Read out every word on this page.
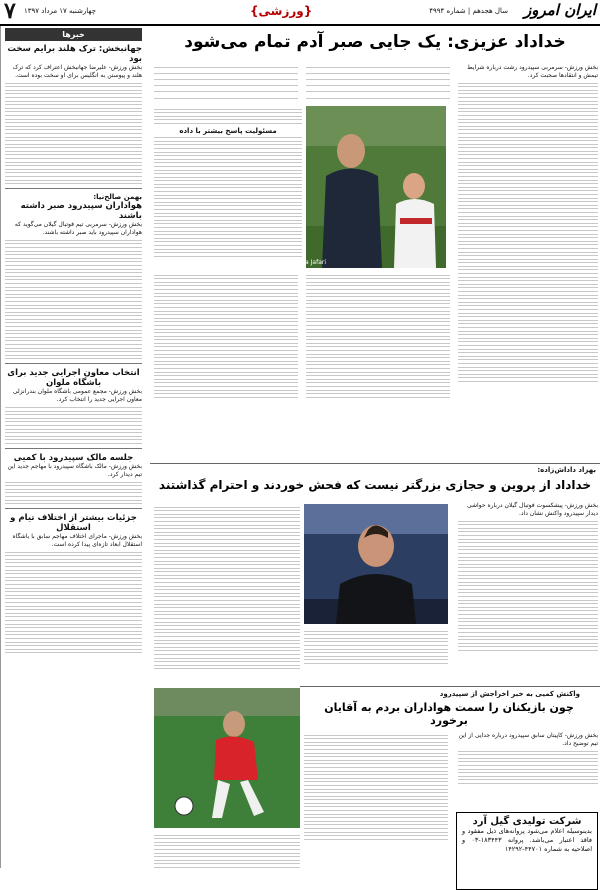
ایران امروز
سال هجدهم | شماره ۴۹۹۴
{ورزشی}
چهارشنبه ۱۷ مرداد ۱۳۹۷
۷
خبرها
جهانبخش: ترک هلند برایم سخت بود
بخش ورزش- علیرضا جهانبخش اعتراف کرد که ترک هلند و پیوستن به انگلیس برای او سخت بوده است.
بهمن صالح‌نیا:
هواداران سپیدرود صبر داشته باشند
بخش ورزش- سرمربی تیم فوتبال گیلان می‌گوید که هواداران سپیدرود باید صبر داشته باشند.
انتخاب معاون اجرایی جدید برای باشگاه ملوان
بخش ورزش- مجمع عمومی باشگاه ملوان بندرانزلی معاون اجرایی جدید را انتخاب کرد.
جلسه مالک سپیدرود با کمیی
بخش ورزش- مالک باشگاه سپیدرود با مهاجم جدید این تیم دیدار کرد.
جزئیات بیشتر از اختلاف تیام و استقلال
بخش ورزش- ماجرای اختلاف مهاجم سابق با باشگاه استقلال ابعاد تازه‌ای پیدا کرده است.
خداداد عزیزی: یک جایی صبر آدم تمام می‌شود
بخش ورزش- سرمربی سپیدرود رشت درباره شرایط تیمش و انتقادها صحبت کرد.
YJC | Pouya Jafari
مسئولیت پاسخ بیشتر با داده
بهزاد داداش‌زاده:
خداداد از پروین و حجازی بزرگتر نیست که فحش خوردند و احترام گذاشتند
بخش ورزش- پیشکسوت فوتبال گیلان درباره حواشی دیدار سپیدرود واکنش نشان داد.
واکنش کمیی به خبر اخراجش از سپیدرود
چون بازیکنان را سمت هواداران بردم به آقایان برخورد
بخش ورزش- کاپیتان سابق سپیدرود درباره جدایی از این تیم توضیح داد.
شرکت تولیدی گیل آرد
بدینوسیله اعلام می‌شود پروانه‌های ذیل مفقود و فاقد اعتبار می‌باشد. پروانه ۱۸۳۴۴۳-۰۳ و اصلاحیه به شماره ۴۴۷۰۱-۱۴۲۹۲
